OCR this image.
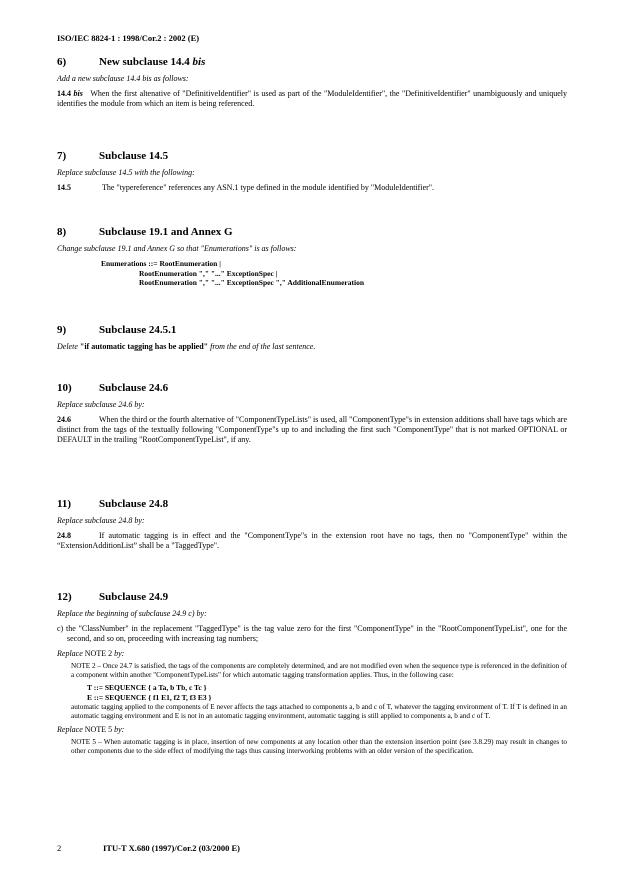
ISO/IEC 8824-1 : 1998/Cor.2 : 2002 (E)
6)	New subclause 14.4 bis
Add a new subclause 14.4 bis as follows:
14.4 bis When the first altenative of "DefinitiveIdentifier" is used as part of the "ModuleIdentifier", the "DefinitiveIdentifier" unambiguously and uniquely identifies the module from which an item is being referenced.
7)	Subclause 14.5
Replace subclause 14.5 with the following:
14.5	The "typereference" references any ASN.1 type defined in the module identified by "ModuleIdentifier".
8)	Subclause 19.1 and Annex G
Change subclause 19.1 and Annex G so that "Enumerations" is as follows:
Enumerations ::= RootEnumeration |
RootEnumeration "," "..." ExceptionSpec |
RootEnumeration "," "..." ExceptionSpec "," AdditionalEnumeration
9)	Subclause 24.5.1
Delete "if automatic tagging has be applied" from the end of the last sentence.
10) Subclause 24.6
Replace subclause 24.6 by:
24.6	When the third or the fourth alternative of "ComponentTypeLists" is used, all "ComponentType"s in extension additions shall have tags which are distinct from the tags of the textually following "ComponentType"s up to and including the first such "ComponentType" that is not marked OPTIONAL or DEFAULT in the trailing "RootComponentTypeList", if any.
11)	Subclause 24.8
Replace subclause 24.8 by:
24.8	If automatic tagging is in effect and the "ComponentType"s in the extension root have no tags, then no "ComponentType" within the “ExtensionAdditionList” shall be a "TaggedType".
12) Subclause 24.9
Replace the beginning of subclause 24.9 c) by:
c) the "ClassNumber" in the replacement "TaggedType" is the tag value zero for the first "ComponentType" in the "RootComponentTypeList", one for the second, and so on, proceeding with increasing tag numbers;
Replace NOTE 2 by:
NOTE 2 – Once 24.7 is satisfied, the tags of the components are completely determined, and are not modified even when the sequence type is referenced in the definition of a component within another "ComponentTypeLists" for which automatic tagging transformation applies. Thus, in the following case:
T ::= SEQUENCE { a Ta, b Tb, c Tc }
E ::= SEQUENCE { f1 E1, f2 T, f3 E3 }
automatic tagging applied to the components of E never affects the tags attached to components a, b and c of T, whatever the tagging environment of T. If T is defined in an automatic tagging environment and E is not in an automatic tagging environment, automatic tagging is still applied to components a, b and c of T.
Replace NOTE 5 by:
NOTE 5 – When automatic tagging is in place, insertion of new components at any location other than the extension insertion point (see 3.8.29) may result in changes to other components due to the side effect of modifying the tags thus causing interworking problems with an older version of the specification.
2	ITU-T X.680 (1997)/Cor.2 (03/2000 E)
